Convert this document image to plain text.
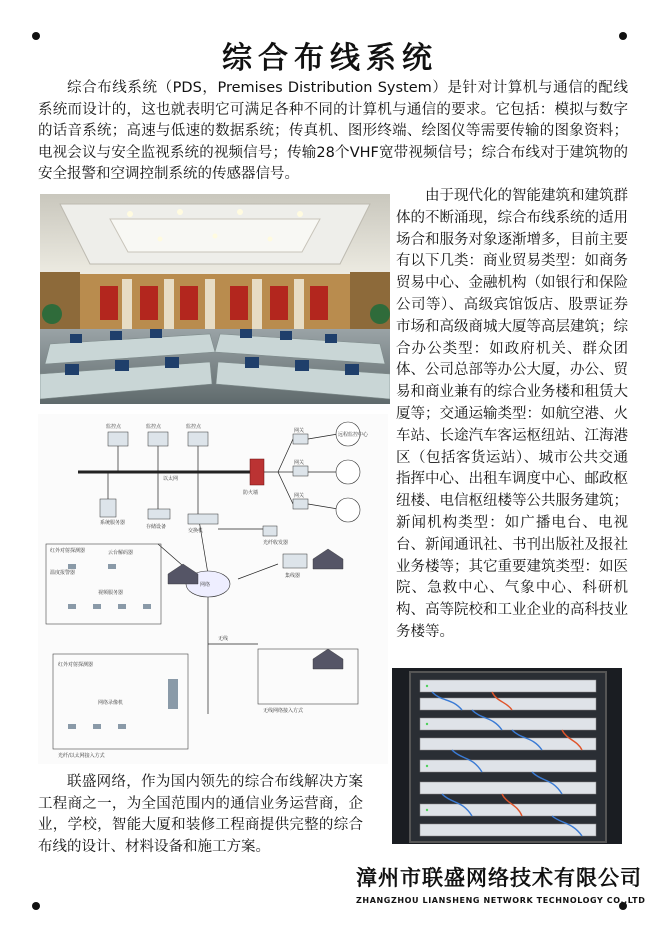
综合布线系统

综合布线系统（PDS，Premises Distribution System）是针对计算机与通信的配线系统而设计的，这也就表明它可满足各种不同的计算机与通信的要求。它包括：模拟与数字的话音系统；高速与低速的数据系统；传真机、图形终端、绘图仪等需要传输的图象资料；电视会议与安全监视系统的视频信号；传输28个VHF宽带视频信号；综合布线对于建筑物的安全报警和空调控制系统的传感器信号。

由于现代化的智能建筑和建筑群体的不断涌现，综合布线系统的适用场合和服务对象逐渐增多，目前主要有以下几类：商业贸易类型：如商务贸易中心、金融机构（如银行和保险公司等）、高级宾馆饭店、股票证券市场和高级商城大厦等高层建筑；综合办公类型：如政府机关、群众团体、公司总部等办公大厦，办公、贸易和商业兼有的综合业务楼和租赁大厦等；交通运输类型：如航空港、火车站、长途汽车客运枢纽站、江海港区（包括客货运站）、城市公共交通指挥中心、出租车调度中心、邮政枢纽楼、电信枢纽楼等公共服务建筑；新闻机构类型：如广播电台、电视台、新闻通讯社、书刊出版社及报社业务楼等；其它重要建筑类型：如医院、急救中心、气象中心、科研机构、高等院校和工业企业的高科技业务楼等。

监控点	监控点	监控点
以太网
防火墙
网关
网关
网关
远程监控中心
系统服务器
存储设备
交换机
光纤收发器
网络
集线器
红外对射探测器
温度报警器
云台解码器
视频服务器
无线
无线网络接入方式
红外对射探测器
网络录像机
光纤/以太网接入方式

联盛网络，作为国内领先的综合布线解决方案工程商之一，为全国范围内的通信业务运营商，企业，学校，智能大厦和装修工程商提供完整的综合布线的设计、材料设备和施工方案。

漳州市联盛网络技术有限公司
ZHANGZHOU LIANSHENG NETWORK TECHNOLOGY CO.,LTD
